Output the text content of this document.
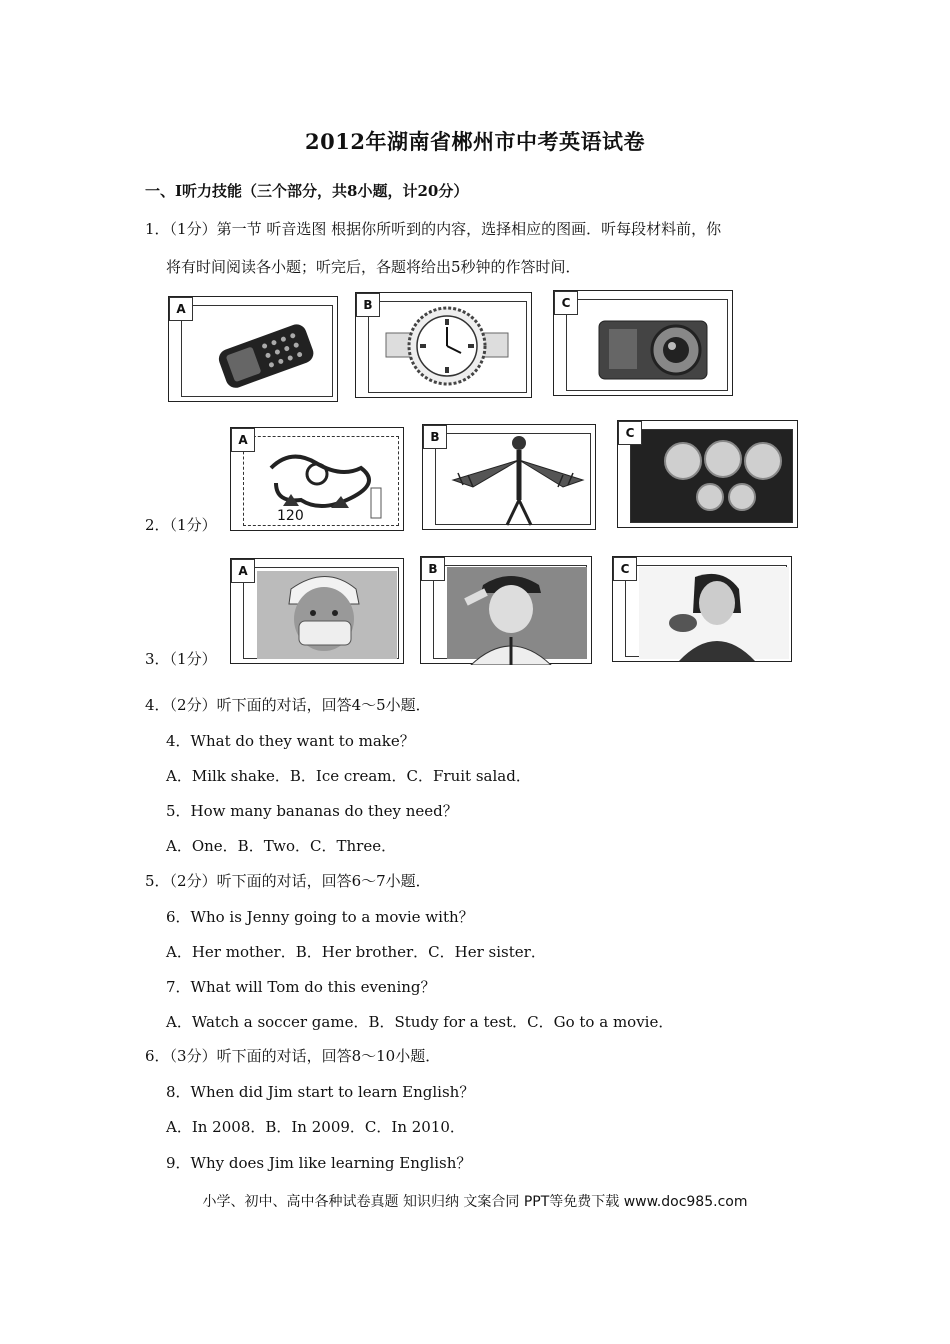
2012年湖南省郴州市中考英语试卷
一、Ⅰ听力技能（三个部分，共8小题，计20分）
1．（1分）第一节 听音选图 根据你所听到的内容，选择相应的图画．听每段材料前，你
将有时间阅读各小题；听完后，各题将给出5秒钟的作答时间．
A	B	C
2．（1分）
A
120
B	C
3．（1分）
A	B	C
4．（2分）听下面的对话，回答4～5小题．
4．What do they want to make？
A．Milk shake．B．Ice cream．C．Fruit salad．
5．How many bananas do they need？
A．One．B．Two．C．Three．
5．（2分）听下面的对话，回答6～7小题．
6．Who is Jenny going to a movie with？
A．Her mother．B．Her brother．C．Her sister．
7．What will Tom do this evening？
A．Watch a soccer game．B．Study for a test．C．Go to a movie．
6．（3分）听下面的对话，回答8～10小题．
8．When did Jim start to learn English？
A．In 2008．B．In 2009．C．In 2010．
9．Why does Jim like learning English？
小学、初中、高中各种试卷真题 知识归纳 文案合同 PPT等免费下载 www.doc985.com
